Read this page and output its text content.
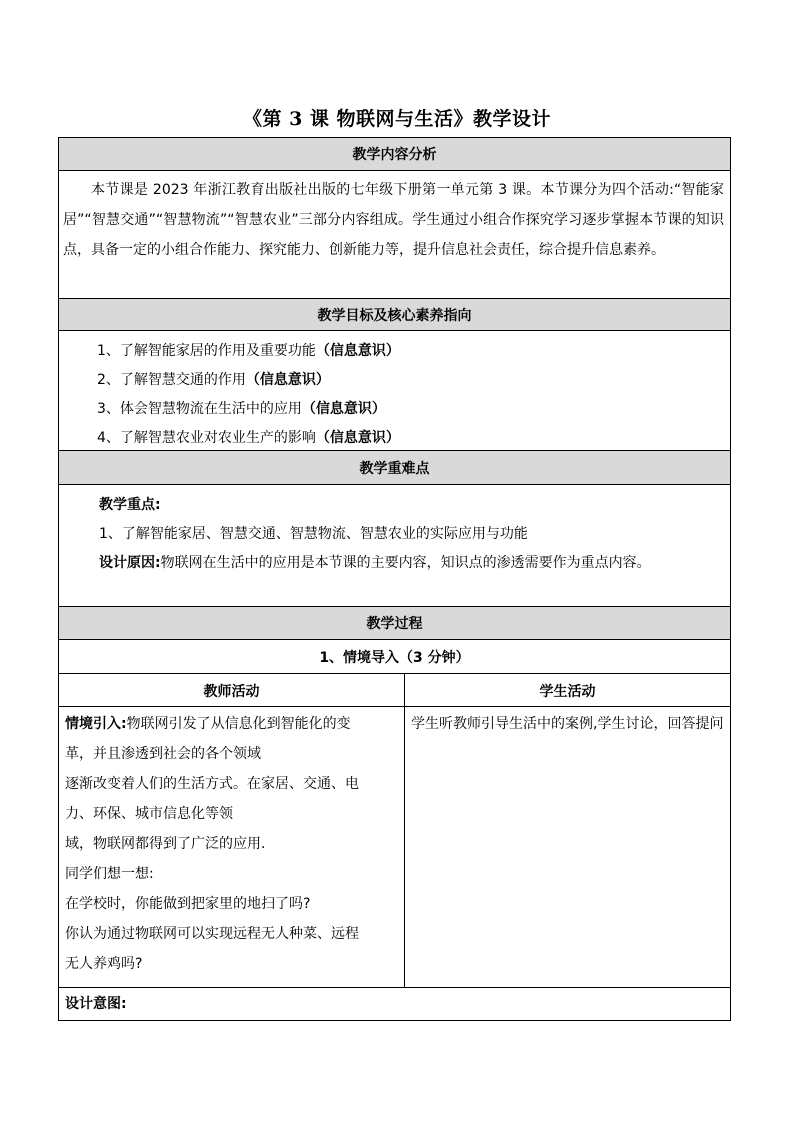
《第 3 课 物联网与生活》教学设计
教学内容分析
本节课是 2023 年浙江教育出版社出版的七年级下册第一单元第 3 课。本节课分为四个活动:“智能家居”“智慧交通”“智慧物流”“智慧农业”三部分内容组成。学生通过小组合作探究学习逐步掌握本节课的知识点，具备一定的小组合作能力、探究能力、创新能力等，提升信息社会责任，综合提升信息素养。
教学目标及核心素养指向
1、了解智能家居的作用及重要功能（信息意识）
2、了解智慧交通的作用（信息意识）
3、体会智慧物流在生活中的应用（信息意识）
4、了解智慧农业对农业生产的影响（信息意识）
教学重难点
教学重点:
1、了解智能家居、智慧交通、智慧物流、智慧农业的实际应用与功能
设计原因:物联网在生活中的应用是本节课的主要内容，知识点的渗透需要作为重点内容。
教学过程
1、情境导入（3 分钟）
教师活动	学生活动
情境引入:物联网引发了从信息化到智能化的变
革，并且渗透到社会的各个领域
逐渐改变着人们的生活方式。在家居、交通、电
力、环保、城市信息化等领
域，物联网都得到了广泛的应用.
同学们想一想:
在学校时，你能做到把家里的地扫了吗?
你认为通过物联网可以实现远程无人种菜、远程
无人养鸡吗?
学生听教师引导生活中的案例,学生讨论，回答提问
设计意图:
